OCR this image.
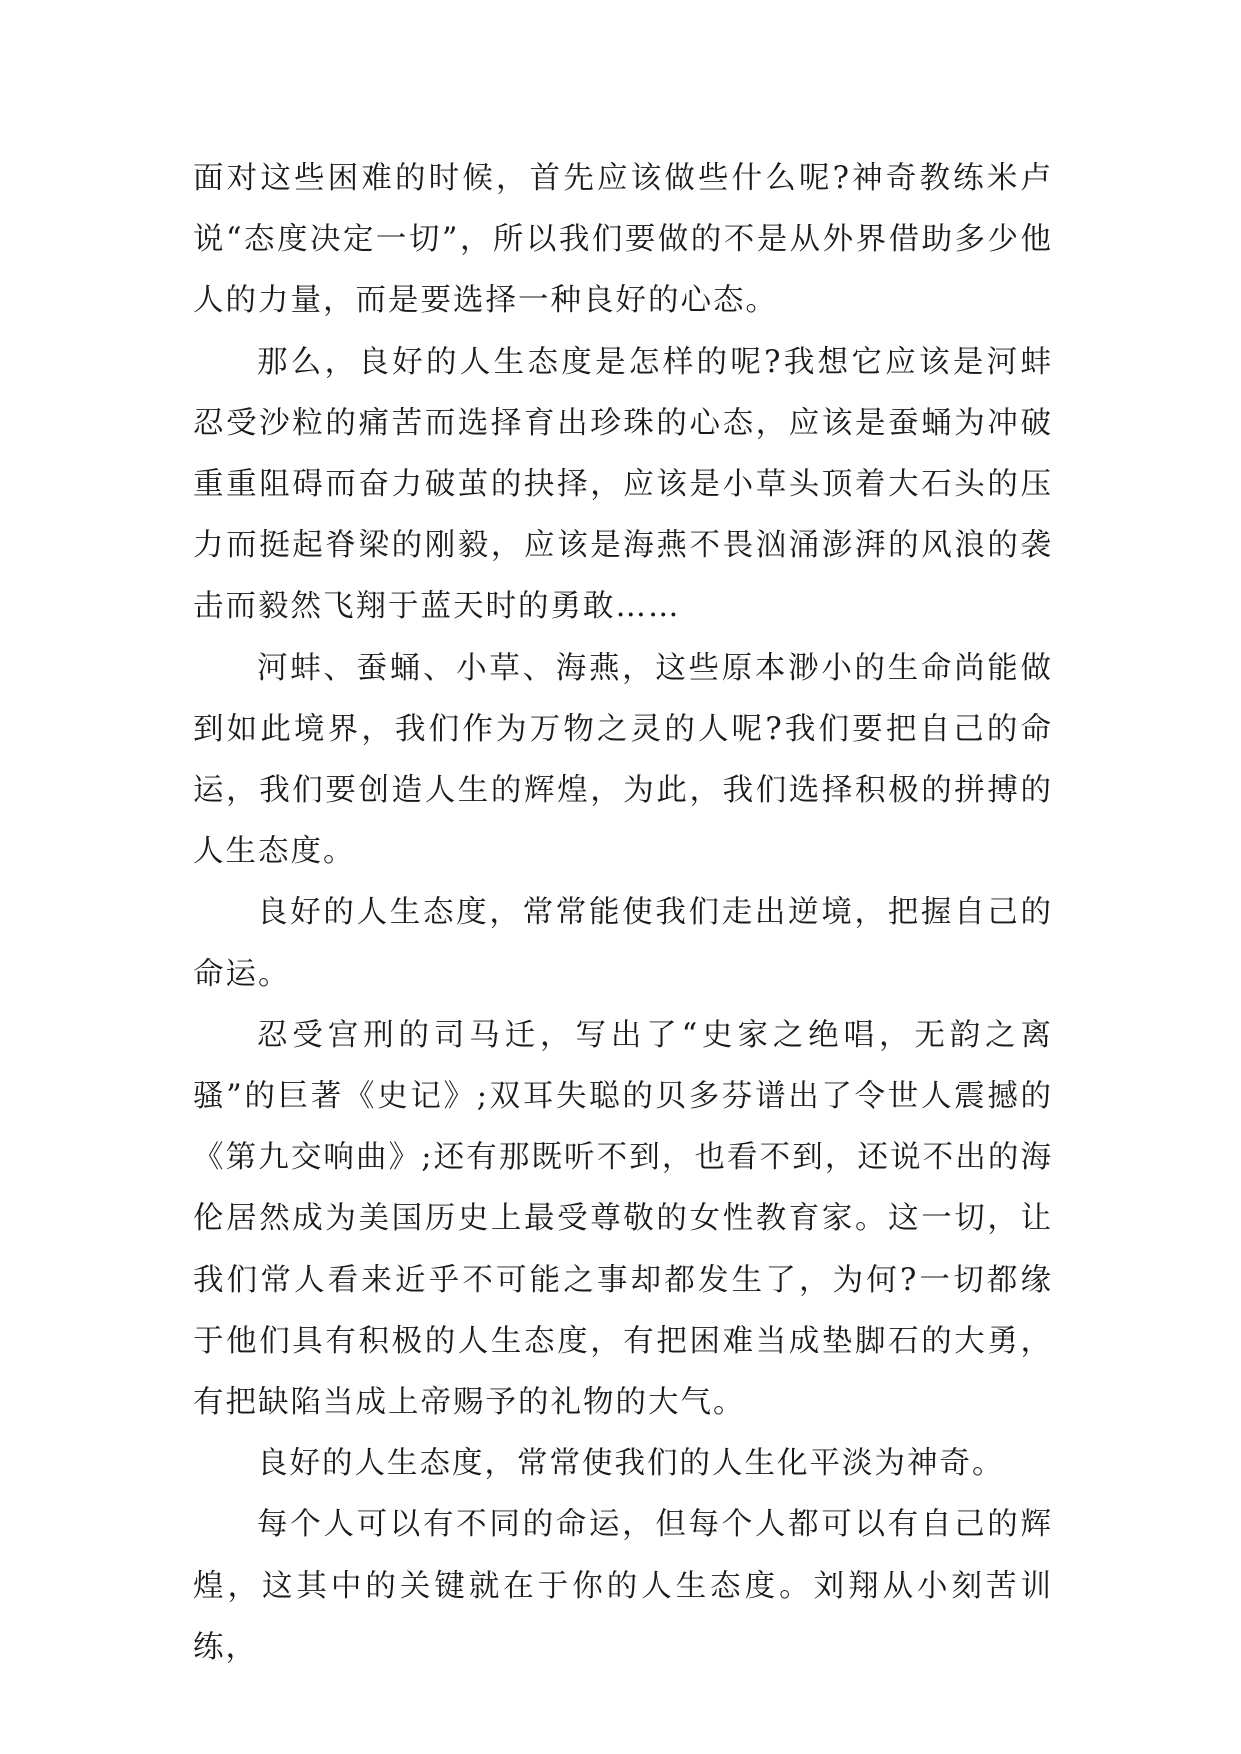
面对这些困难的时候，首先应该做些什么呢?神奇教练米卢说“态度决定一切”，所以我们要做的不是从外界借助多少他人的力量，而是要选择一种良好的心态。

那么，良好的人生态度是怎样的呢?我想它应该是河蚌忍受沙粒的痛苦而选择育出珍珠的心态，应该是蚕蛹为冲破重重阻碍而奋力破茧的抉择，应该是小草头顶着大石头的压力而挺起脊梁的刚毅，应该是海燕不畏汹涌澎湃的风浪的袭击而毅然飞翔于蓝天时的勇敢……

河蚌、蚕蛹、小草、海燕，这些原本渺小的生命尚能做到如此境界，我们作为万物之灵的人呢?我们要把自己的命运，我们要创造人生的辉煌，为此，我们选择积极的拼搏的人生态度。

良好的人生态度，常常能使我们走出逆境，把握自己的命运。

忍受宫刑的司马迁，写出了“史家之绝唱，无韵之离骚”的巨著《史记》;双耳失聪的贝多芬谱出了令世人震撼的《第九交响曲》;还有那既听不到，也看不到，还说不出的海伦居然成为美国历史上最受尊敬的女性教育家。这一切，让我们常人看来近乎不可能之事却都发生了，为何?一切都缘于他们具有积极的人生态度，有把困难当成垫脚石的大勇，有把缺陷当成上帝赐予的礼物的大气。

良好的人生态度，常常使我们的人生化平淡为神奇。

每个人可以有不同的命运，但每个人都可以有自己的辉煌，这其中的关键就在于你的人生态度。刘翔从小刻苦训练，
